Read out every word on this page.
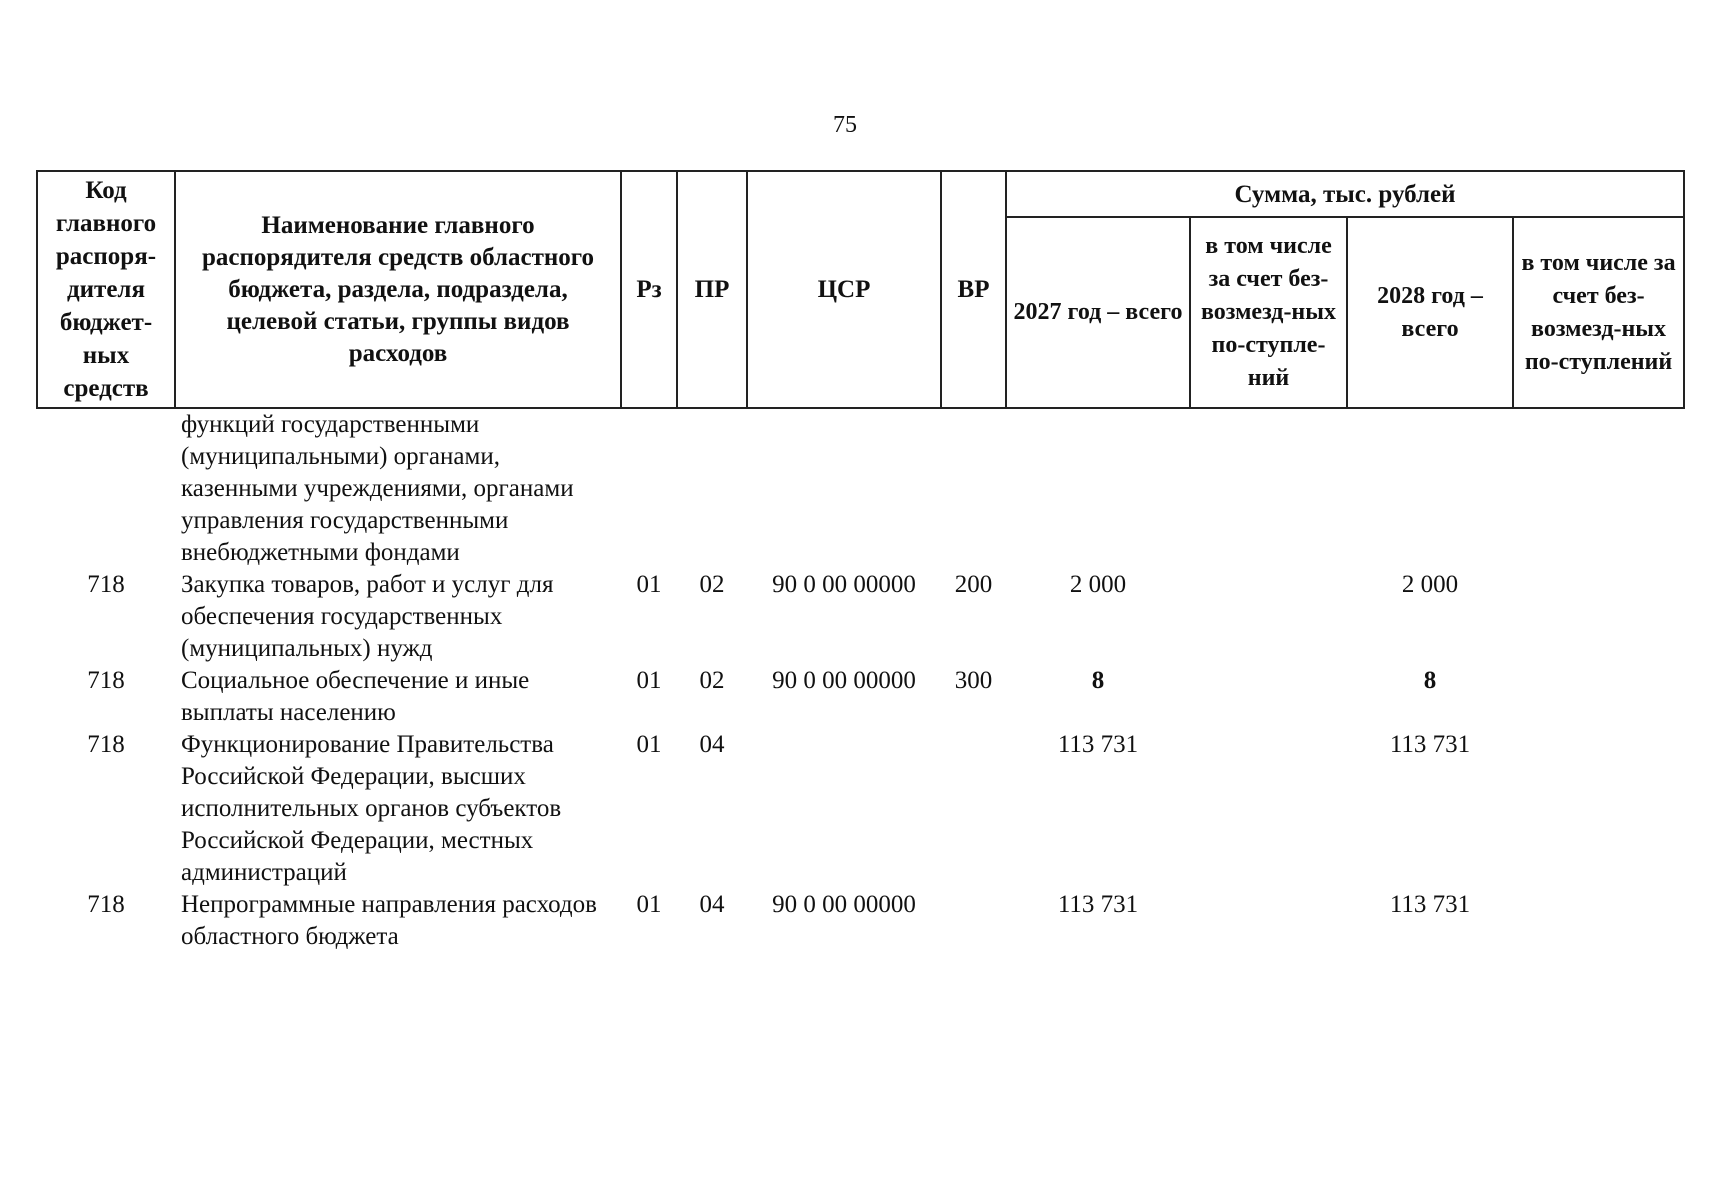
75
Код главного распоря-дителя бюджет-ных средств	Наименование главного распорядителя средств областного бюджета, раздела, подраздела, целевой статьи, группы видов расходов	Рз	ПР	ЦСР	ВР	Сумма, тыс. рублей			
						2027 год – всего	в том числе за счет без-возмезд-ных по-ступле-ний	2028 год – всего	в том числе за счет без-возмезд-ных по-ступлений
	функций государственными (муниципальными) органами, казенными учреждениями, органами управления государственными внебюджетными фондами								
718	Закупка товаров, работ и услуг для обеспечения государственных (муниципальных) нужд	01	02	90 0 00 00000	200	2 000		2 000	
718	Социальное обеспечение и иные выплаты населению	01	02	90 0 00 00000	300	8		8	
718	Функционирование Правительства Российской Федерации, высших исполнительных органов субъектов Российской Федерации, местных администраций	01	04			113 731		113 731	
718	Непрограммные направления расходов областного бюджета	01	04	90 0 00 00000		113 731		113 731	
